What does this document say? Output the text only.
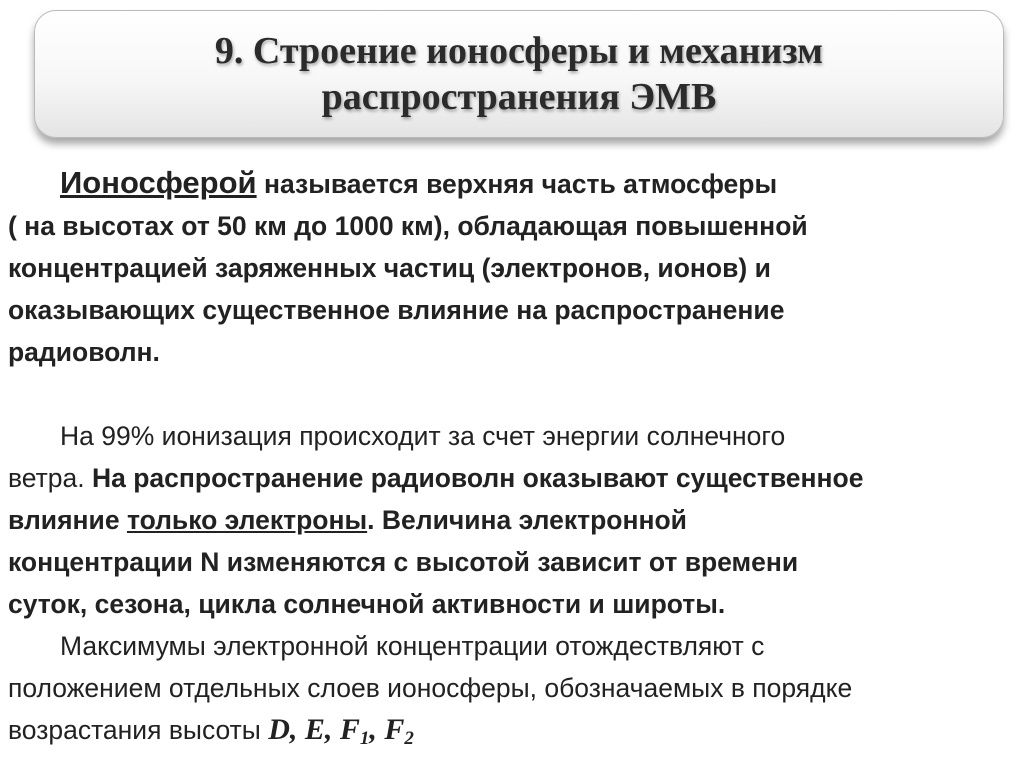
9. Строение ионосферы и механизм
распространения ЭМВ
Ионосферой называется верхняя часть атмосферы
( на высотах от 50 км до 1000 км), обладающая повышенной
концентрацией заряженных частиц (электронов, ионов) и
оказывающих существенное влияние на распространение
радиоволн.
На 99% ионизация происходит за счет энергии солнечного
ветра. На распространение радиоволн оказывают существенное
влияние только электроны. Величина электронной
концентрации N изменяются с высотой зависит от времени
суток, сезона, цикла солнечной активности и широты.
Максимумы электронной концентрации отождествляют с
положением отдельных слоев ионосферы, обозначаемых в порядке
возрастания высоты D, E, $F_1$, $F_2$
